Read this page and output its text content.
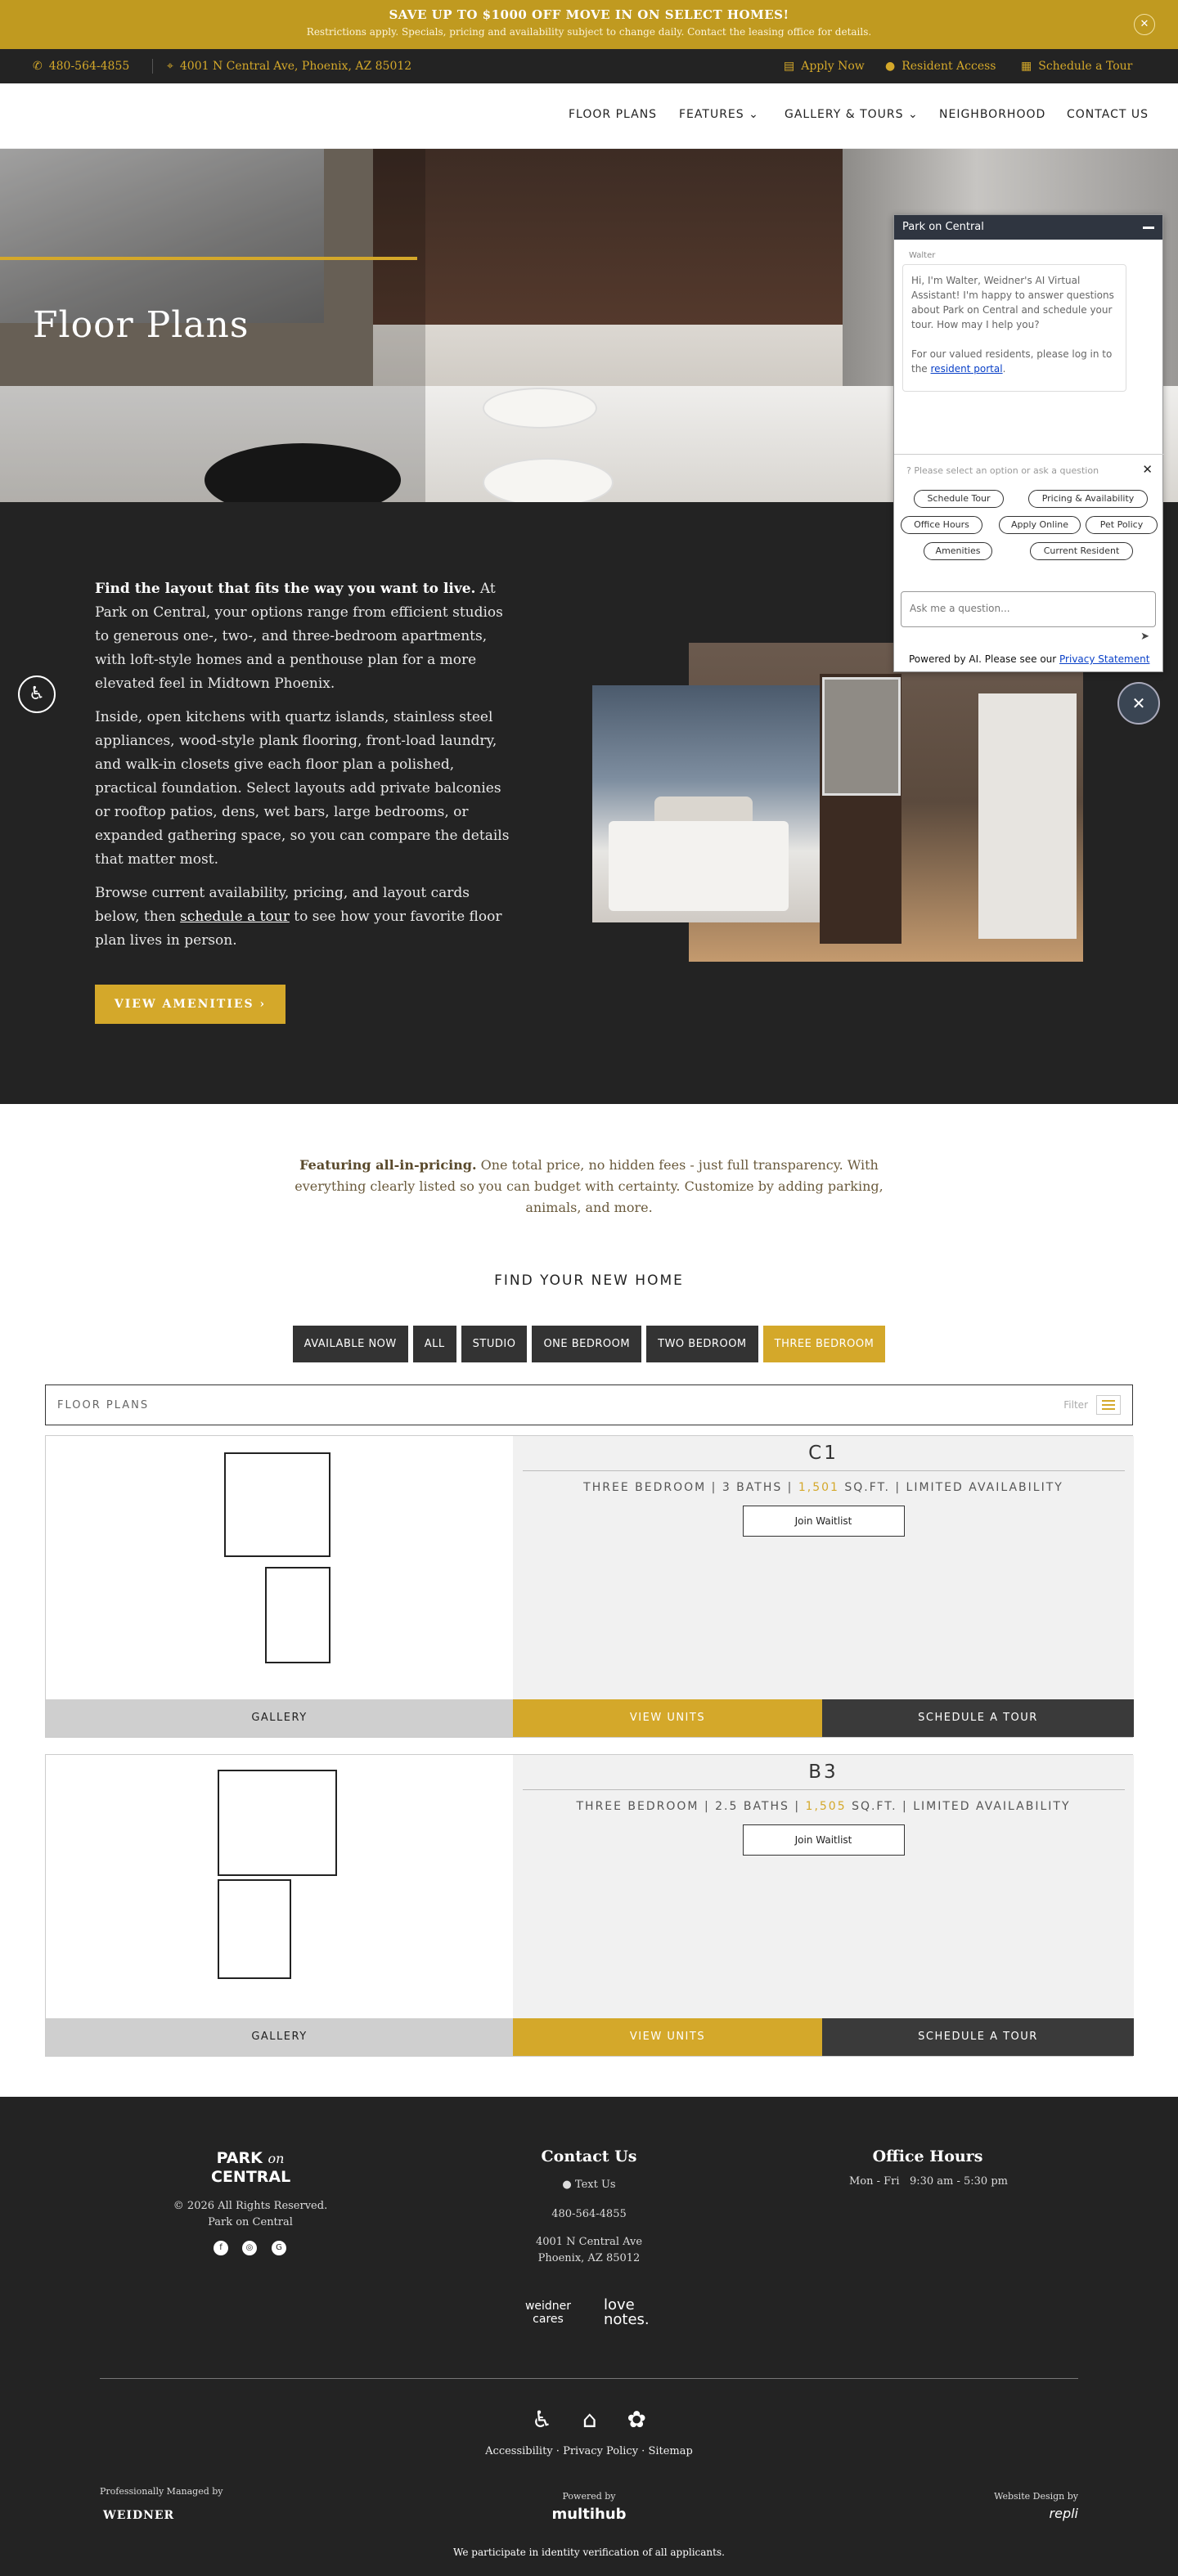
SAVE UP TO $1000 OFF MOVE IN ON SELECT HOMES!
Restrictions apply. Specials, pricing and availability subject to change daily. Contact the leasing office for details.
✕
✆ 480-564-4855	⌖ 4001 N Central Ave, Phoenix, AZ 85012	▤ Apply Now ● Resident Access ▦ Schedule a Tour
FLOOR PLANS FEATURES ⌄ GALLERY & TOURS ⌄ NEIGHBORHOOD CONTACT US
Floor Plans

Find the layout that fits the way you want to live. At Park on Central, your options range from efficient studios to generous one-, two-, and three-bedroom apartments, with loft-style homes and a penthouse plan for a more elevated feel in Midtown Phoenix.

Inside, open kitchens with quartz islands, stainless steel appliances, wood-style plank flooring, front-load laundry, and walk-in closets give each floor plan a polished, practical foundation. Select layouts add private balconies or rooftop patios, dens, wet bars, large bedrooms, or expanded gathering space, so you can compare the details that matter most.

Browse current availability, pricing, and layout cards below, then schedule a tour to see how your favorite floor plan lives in person.

VIEW AMENITIES ›
Featuring all-in-pricing. One total price, no hidden fees - just full transparency. With everything clearly listed so you can budget with certainty. Customize by adding parking, animals, and more.
FIND YOUR NEW HOME
AVAILABLE NOW	ALL	STUDIO	ONE BEDROOM	TWO BEDROOM	THREE BEDROOM
FLOOR PLANS	Filter
C1
THREE BEDROOM | 3 BATHS | 1,501 SQ.FT. | LIMITED AVAILABILITY
Join Waitlist
GALLERY	VIEW UNITS	SCHEDULE A TOUR
B3
THREE BEDROOM | 2.5 BATHS | 1,505 SQ.FT. | LIMITED AVAILABILITY
Join Waitlist
GALLERY	VIEW UNITS	SCHEDULE A TOUR
PARK on
CENTRAL
© 2026 All Rights Reserved. Park on Central
f	◎	G
Contact Us
● Text Us
480-564-4855
4001 N Central Ave
Phoenix, AZ 85012
Office Hours
Mon - Fri 9:30 am - 5:30 pm
weidner cares
love notes.
♿ ⌂ ✿
Accessibility · Privacy Policy · Sitemap
Professionally Managed by
WEIDNER
Powered by
multihub
Website Design by
repli
We participate in identity verification of all applicants.
♿
Park on Central
Walter
Hi, I'm Walter, Weidner's AI Virtual Assistant! I'm happy to answer questions about Park on Central and schedule your tour. How may I help you?
For our valued residents, please log in to the resident portal.
? Please select an option or ask a question	✕
Schedule Tour	Pricing & Availability
Office Hours	Apply Online	Pet Policy
Amenities	Current Resident
Ask me a question...
➤
Powered by AI. Please see our Privacy Statement
✕
